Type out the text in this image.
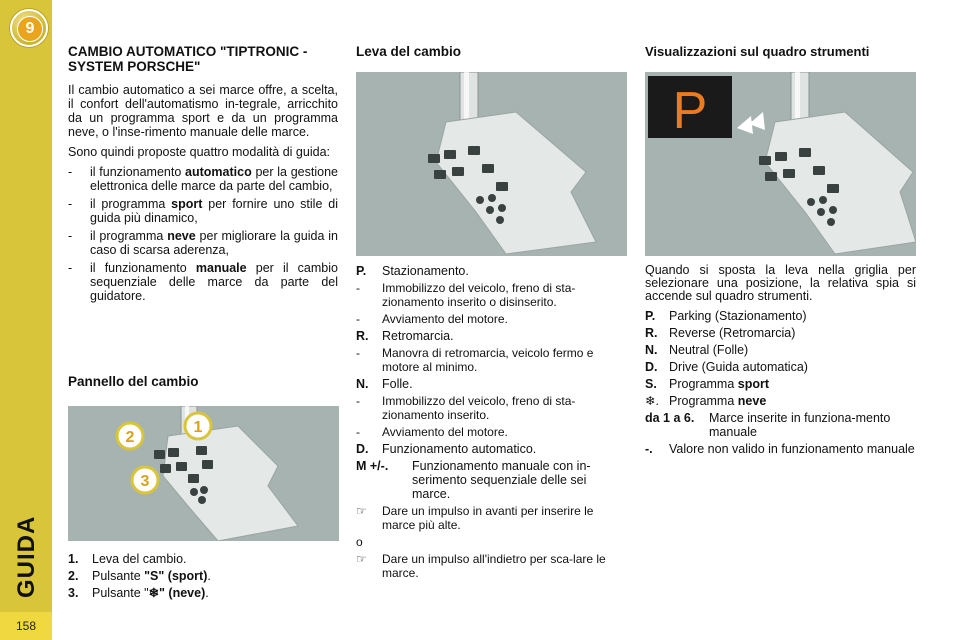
9
GUIDA
158
CAMBIO AUTOMATICO "TIPTRONIC - SYSTEM PORSCHE"

Il cambio automatico a sei marce offre, a scelta, il confort dell'automatismo in-tegrale, arricchito da un programma sport e da un programma neve, o l'inse-rimento manuale delle marce.

Sono quindi proposte quattro modalità di guida:

-	il funzionamento automatico per la gestione elettronica delle marce da parte del cambio,
-	il programma sport per fornire uno stile di guida più dinamico,
-	il programma neve per migliorare la guida in caso di scarsa aderenza,
-	il funzionamento manuale per il cambio sequenziale delle marce da parte del guidatore.
Pannello del cambio
1
2
3
1.	Leva del cambio.
2.	Pulsante "S" (sport).
3.	Pulsante "❄" (neve).
Leva del cambio
P.	Stazionamento.
-	Immobilizzo del veicolo, freno di sta-zionamento inserito o disinserito.
-	Avviamento del motore.
R.	Retromarcia.
-	Manovra di retromarcia, veicolo fermo e motore al minimo.
N.	Folle.
-	Immobilizzo del veicolo, freno di sta-zionamento inserito.
-	Avviamento del motore.
D.	Funzionamento automatico.
M +/-.	Funzionamento manuale con in-serimento sequenziale delle sei marce.
☞	Dare un impulso in avanti per inserire le marce più alte.
o
☞	Dare un impulso all'indietro per sca-lare le marce.
Visualizzazioni sul quadro strumenti
P

Quando si sposta la leva nella griglia per selezionare una posizione, la relativa spia si accende sul quadro strumenti.

P.	Parking (Stazionamento)
R. Reverse (Retromarcia)
N. Neutral (Folle)
D. Drive (Guida automatica)
S. Programma sport
❄. Programma neve
da 1 a 6.	Marce inserite in funziona-mento manuale
-.	Valore non valido in funzionamento manuale
